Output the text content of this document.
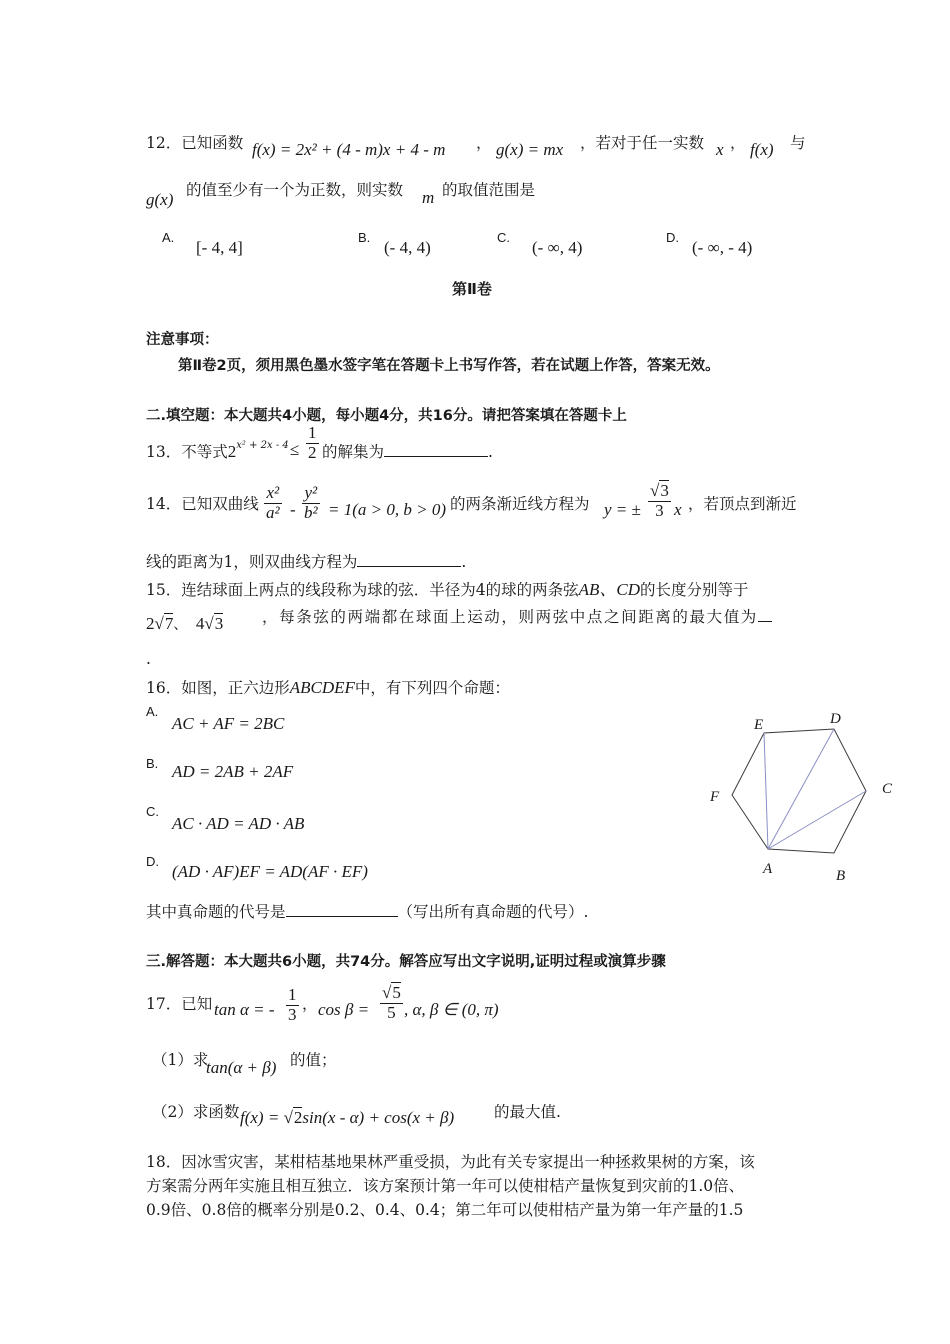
12．已知函数 f(x) = 2x² + (4 - m)x + 4 - m ， g(x) = mx ，若对于任一实数 x ， f(x) 与
g(x) 的值至少有一个为正数，则实数 m 的取值范围是
A.
[- 4, 4]
B.
(- 4, 4)
C.
(- ∞, 4)
D.
(- ∞, - 4)
第Ⅱ卷
注意事项：
第Ⅱ卷2页，须用黑色墨水签字笔在答题卡上书写作答，若在试题上作答，答案无效。
二.填空题：本大题共4小题，每小题4分，共16分。请把答案填在答题卡上
13．不等式$2^{x^2 + 2x - 4} \le \frac{1}{2}$ 的解集为	.
14．已知双曲线 $\frac{\text{x²}}{\text{a²}} - \frac{\text{y²}}{\text{b²}} = 1(a > 0$, b > 0) 的两条渐近线方程为 y = ± $\frac{√3}{3}$ x ，若顶点到渐近
线的距离为1，则双曲线方程为	.
15．连结球面上两点的线段称为球的弦．半径为4的球的两条弦AB、CD的长度分别等于
2√7、 4√3	，每条弦的两端都在球面上运动，则两弦中点之间距离的最大值为
.
16．如图，正六边形ABCDEF中，有下列四个命题：
A.
AC + AF = 2BC
B. AD = 2AB + 2AF
C.
AC · AD = AD · AB
D.
(AD · AF)EF = AD(AF · EF)	A	B
C
D
E
F
其中真命题的代号是	（写出所有真命题的代号）.
三.解答题：本大题共6小题，共74分。解答应写出文字说明,证明过程或演算步骤
17．已知 tan α = - $\frac{1}{3}$ ， $\cos \beta = \frac{√5}{5}$ , α, β ∈ (0, π)
（1）求
tan(α + β) 的值；
（2）求函数 f(x) = √2sin(x - α) + cos(x + β)	的最大值.
18．因冰雪灾害，某柑桔基地果林严重受损，为此有关专家提出一种拯救果树的方案，该
方案需分两年实施且相互独立．该方案预计第一年可以使柑桔产量恢复到灾前的1.0倍、
0.9倍、0.8倍的概率分别是0.2、0.4、0.4；第二年可以使柑桔产量为第一年产量的1.5
